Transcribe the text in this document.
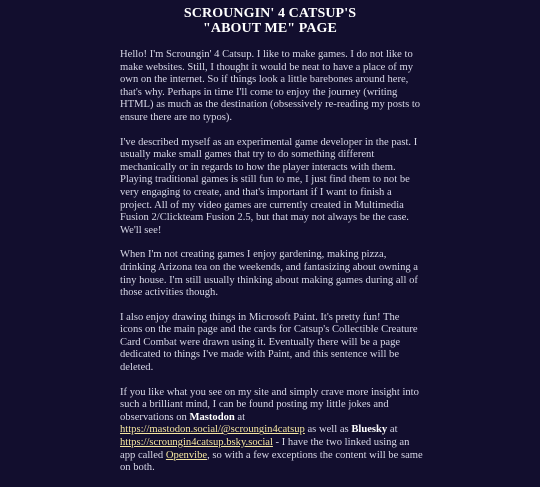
SCROUNGIN' 4 CATSUP'S
"ABOUT ME" PAGE

Hello! I'm Scroungin' 4 Catsup. I like to make games. I do not like to make websites. Still, I thought it would be neat to have a place of my own on the internet. So if things look a little barebones around here, that's why. Perhaps in time I'll come to enjoy the journey (writing HTML) as much as the destination (obsessively re-reading my posts to ensure there are no typos).

I've described myself as an experimental game developer in the past. I usually make small games that try to do something different mechanically or in regards to how the player interacts with them. Playing traditional games is still fun to me, I just find them to not be very engaging to create, and that's important if I want to finish a project. All of my video games are currently created in Multimedia Fusion 2/Clickteam Fusion 2.5, but that may not always be the case. We'll see!

When I'm not creating games I enjoy gardening, making pizza, drinking Arizona tea on the weekends, and fantasizing about owning a tiny house. I'm still usually thinking about making games during all of those activities though.

I also enjoy drawing things in Microsoft Paint. It's pretty fun! The icons on the main page and the cards for Catsup's Collectible Creature Card Combat were drawn using it. Eventually there will be a page dedicated to things I've made with Paint, and this sentence will be deleted.

If you like what you see on my site and simply crave more insight into such a brilliant mind, I can be found posting my little jokes and observations on Mastodon at https://mastodon.social/@scroungin4catsup as well as Bluesky at https://scroungin4catsup.bsky.social - I have the two linked using an app called Openvibe, so with a few exceptions the content will be same on both.
